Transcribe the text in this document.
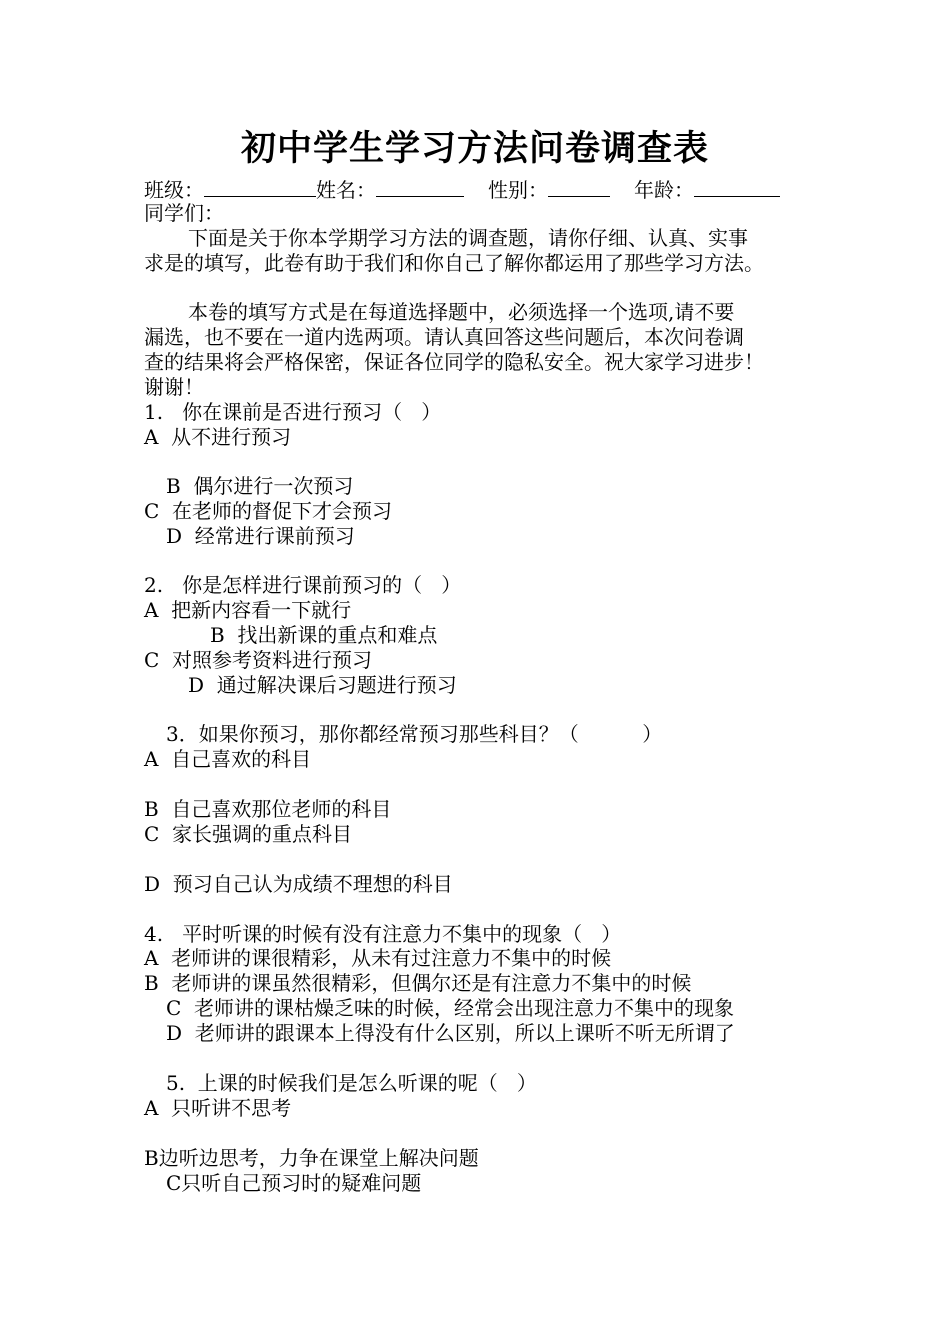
初中学生学习方法问卷调查表
班级：	姓名：	性别：	年龄：
同学们：
下面是关于你本学期学习方法的调查题，请你仔细、认真、实事
求是的填写，此卷有助于我们和你自己了解你都运用了那些学习方法。
本卷的填写方式是在每道选择题中，必须选择一个选项,请不要
漏选，也不要在一道内选两项。请认真回答这些问题后，本次问卷调
查的结果将会严格保密，保证各位同学的隐私安全。祝大家学习进步！
谢谢！
1.   你在课前是否进行预习（   ）
A  从不进行预习
B  偶尔进行一次预习
C  在老师的督促下才会预习
D  经常进行课前预习
2.   你是怎样进行课前预习的（   ）
A  把新内容看一下就行
B  找出新课的重点和难点
C  对照参考资料进行预习
D  通过解决课后习题进行预习
3．如果你预习，那你都经常预习那些科目？（          ）
A  自己喜欢的科目
B  自己喜欢那位老师的科目
C  家长强调的重点科目
D  预习自己认为成绩不理想的科目
4.   平时听课的时候有没有注意力不集中的现象（   ）
A  老师讲的课很精彩，从未有过注意力不集中的时候
B  老师讲的课虽然很精彩，但偶尔还是有注意力不集中的时候
C  老师讲的课枯燥乏味的时候，经常会出现注意力不集中的现象
D  老师讲的跟课本上得没有什么区别，所以上课听不听无所谓了
5.  上课的时候我们是怎么听课的呢（   ）
A  只听讲不思考
B边听边思考，力争在课堂上解决问题
C只听自己预习时的疑难问题
